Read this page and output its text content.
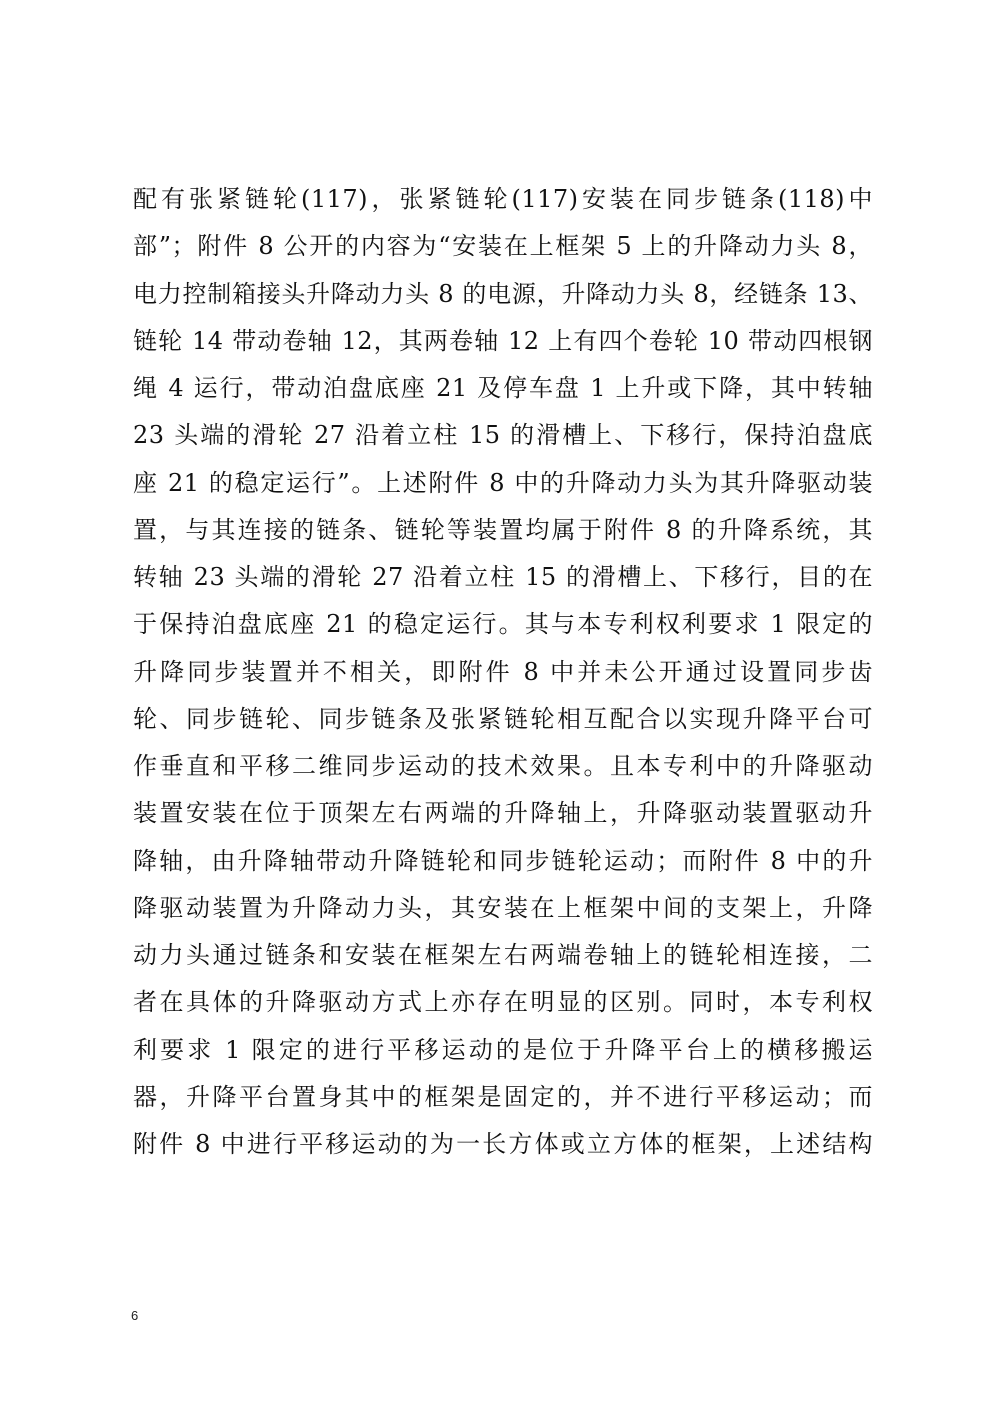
配有张紧链轮(117)，张紧链轮(117)安装在同步链条(118)中
部”；附件 8 公开的内容为“安装在上框架 5 上的升降动力头 8，
电力控制箱接头升降动力头 8 的电源，升降动力头 8，经链条 13、
链轮 14 带动卷轴 12，其两卷轴 12 上有四个卷轮 10 带动四根钢
绳 4 运行，带动泊盘底座 21 及停车盘 1 上升或下降，其中转轴
23 头端的滑轮 27 沿着立柱 15 的滑槽上、下移行，保持泊盘底
座 21 的稳定运行”。上述附件 8 中的升降动力头为其升降驱动装
置，与其连接的链条、链轮等装置均属于附件 8 的升降系统，其
转轴 23 头端的滑轮 27 沿着立柱 15 的滑槽上、下移行，目的在
于保持泊盘底座 21 的稳定运行。其与本专利权利要求 1 限定的
升降同步装置并不相关，即附件 8 中并未公开通过设置同步齿
轮、同步链轮、同步链条及张紧链轮相互配合以实现升降平台可
作垂直和平移二维同步运动的技术效果。且本专利中的升降驱动
装置安装在位于顶架左右两端的升降轴上，升降驱动装置驱动升
降轴，由升降轴带动升降链轮和同步链轮运动；而附件 8 中的升
降驱动装置为升降动力头，其安装在上框架中间的支架上，升降
动力头通过链条和安装在框架左右两端卷轴上的链轮相连接，二
者在具体的升降驱动方式上亦存在明显的区别。同时，本专利权
利要求 1 限定的进行平移运动的是位于升降平台上的横移搬运
器，升降平台置身其中的框架是固定的，并不进行平移运动；而
附件 8 中进行平移运动的为一长方体或立方体的框架，上述结构
6
